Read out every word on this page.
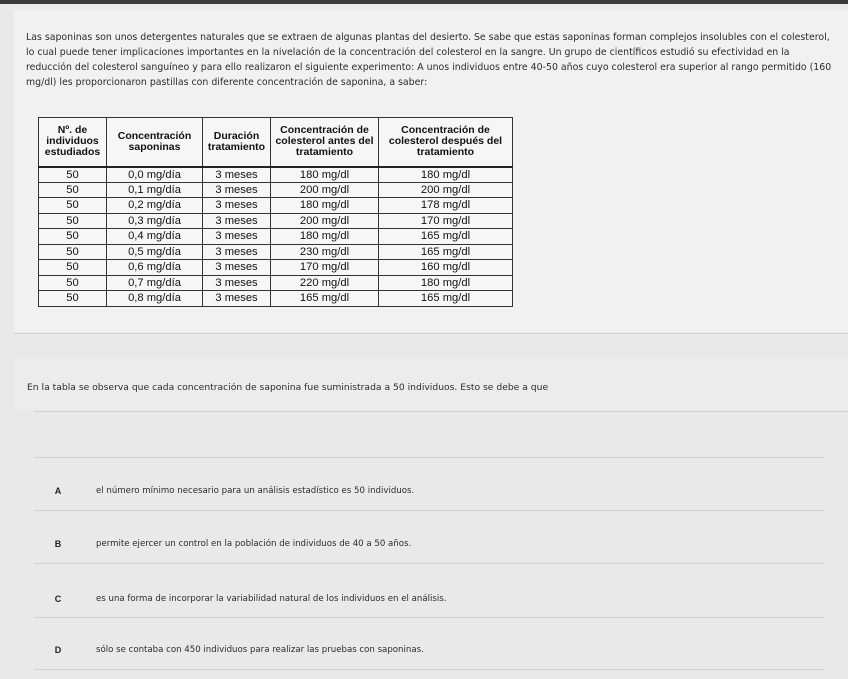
Las saponinas son unos detergentes naturales que se extraen de algunas plantas del desierto. Se sabe que estas saponinas forman complejos insolubles con el colesterol, lo cual puede tener implicaciones importantes en la nivelación de la concentración del colesterol en la sangre. Un grupo de científicos estudió su efectividad en la reducción del colesterol sanguíneo y para ello realizaron el siguiente experimento: A unos individuos entre 40-50 años cuyo colesterol era superior al rango permitido (160 mg/dl) les proporcionaron pastillas con diferente concentración de saponina, a saber:

Nº. de individuos estudiados	Concentración saponinas	Duración tratamiento	Concentración de colesterol antes del tratamiento	Concentración de colesterol después del tratamiento
50	0,0 mg/día	3 meses	180 mg/dl	180 mg/dl
50	0,1 mg/día	3 meses	200 mg/dl	200 mg/dl
50	0,2 mg/día	3 meses	180 mg/dl	178 mg/dl
50	0,3 mg/día	3 meses	200 mg/dl	170 mg/dl
50	0,4 mg/día	3 meses	180 mg/dl	165 mg/dl
50	0,5 mg/día	3 meses	230 mg/dl	165 mg/dl
50	0,6 mg/día	3 meses	170 mg/dl	160 mg/dl
50	0,7 mg/día	3 meses	220 mg/dl	180 mg/dl
50	0,8 mg/día	3 meses	165 mg/dl	165 mg/dl

En la tabla se observa que cada concentración de saponina fue suministrada a 50 individuos. Esto se debe a que

A	el número mínimo necesario para un análisis estadístico es 50 individuos.
B	permite ejercer un control en la población de individuos de 40 a 50 años.
C	es una forma de incorporar la variabilidad natural de los individuos en el análisis.
D	sólo se contaba con 450 individuos para realizar las pruebas con saponinas.
